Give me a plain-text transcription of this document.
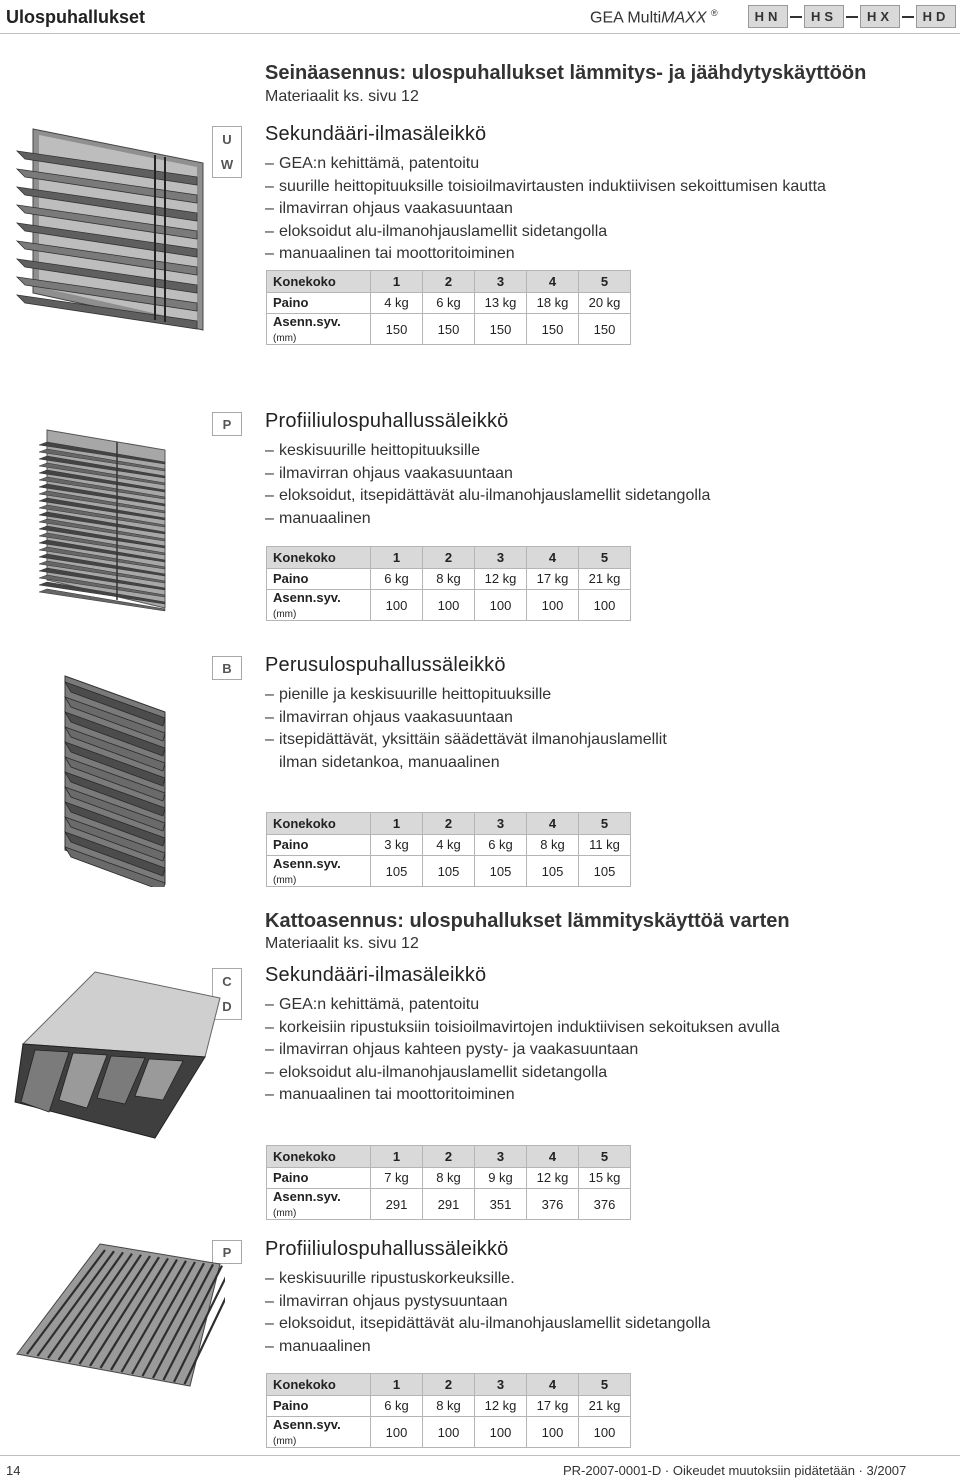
Ulospuhallukset	GEA MultiMAXX ®	HN	HS	HX	HD
Seinäasennus: ulospuhallukset lämmitys- ja jäähdytyskäyttöön
Materiaalit ks. sivu 12
U
W
Sekundääri-ilmasäleikkö
– GEA:n kehittämä, patentoitu
– suurille heittopituuksille toisioilmavirtausten induktiivisen sekoittumisen kautta
– ilmavirran ohjaus vaakasuuntaan
– eloksoidut alu-ilmanohjauslamellit sidetangolla
– manuaalinen tai moottoritoiminen
Konekoko	1	2	3	4	5
Paino	4 kg	6 kg	13 kg	18 kg	20 kg
Asenn.syv. (mm)	150	150	150	150	150
P	Profiiliulospuhallussäleikkö
– keskisuurille heittopituuksille
– ilmavirran ohjaus vaakasuuntaan
– eloksoidut, itsepidättävät alu-ilmanohjauslamellit sidetangolla
– manuaalinen
Konekoko	1	2	3	4	5
Paino	6 kg	8 kg	12 kg	17 kg	21 kg
Asenn.syv. (mm)	100	100	100	100	100
B	Perusulospuhallussäleikkö
– pienille ja keskisuurille heittopituuksille
– ilmavirran ohjaus vaakasuuntaan
– itsepidättävät, yksittäin säädettävät ilmanohjauslamellit
ilman sidetankoa, manuaalinen
Konekoko	1	2	3	4	5
Paino	3 kg	4 kg	6 kg	8 kg	11 kg
Asenn.syv. (mm)	105	105	105	105	105
Kattoasennus: ulospuhallukset lämmityskäyttöä varten
Materiaalit ks. sivu 12
C
D
Sekundääri-ilmasäleikkö
– GEA:n kehittämä, patentoitu
– korkeisiin ripustuksiin toisioilmavirtojen induktiivisen sekoituksen avulla
– ilmavirran ohjaus kahteen pysty- ja vaakasuuntaan
– eloksoidut alu-ilmanohjauslamellit sidetangolla
– manuaalinen tai moottoritoiminen
Konekoko	1	2	3	4	5
Paino	7 kg	8 kg	9 kg	12 kg	15 kg
Asenn.syv. (mm)	291	291	351	376	376
P	Profiiliulospuhallussäleikkö
– keskisuurille ripustuskorkeuksille.
– ilmavirran ohjaus pystysuuntaan
– eloksoidut, itsepidättävät alu-ilmanohjauslamellit sidetangolla
– manuaalinen
Konekoko	1	2	3	4	5
Paino	6 kg	8 kg	12 kg	17 kg	21 kg
Asenn.syv. (mm)	100	100	100	100	100
14	PR-2007-0001-D · Oikeudet muutoksiin pidätetään · 3/2007
